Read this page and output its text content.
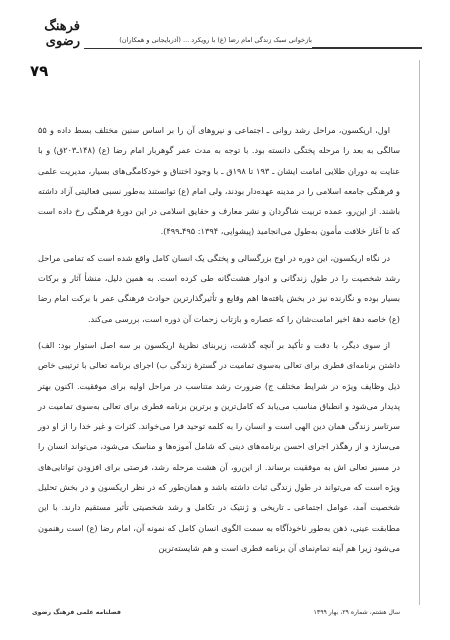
فرهنگ رضوی	بازخوانی سبک زندگی امام رضا (ع) با رویکرد ... (اَذربایجانی و همکاران)
۷۹

اول، اریکسون، مراحل رشد روانی ـ اجتماعی و نیروهای آن را بر اساس سنین مختلف بسط داده و ۵۵ سالگی به بعد را مرحله پختگی دانسته بود. با توجه به مدت عمر گوهربار امام رضا (ع) (۱۴۸ـ۲۰۳ق) و با عنایت به دوران طلایی امامت ایشان ـ ۱۹۳ تا ۱۹۸ق ـ با وجود اختناق و خودکامگی‌های بسیار، مدیریت علمی و فرهنگی جامعه اسلامی را در مدینه عهده‌دار بودند، ولی امام (ع) توانستند به‌طور نسبی فعالیتی آزاد داشته باشند. از این‌رو، عمده تربیت شاگردان و نشر معارف و حقایق اسلامی در این دورۀ فرهنگی رخ داده است که تا آغاز خلافت مأمون به‌طول می‌انجامید (پیشوایی، ۱۳۹۴: ۴۹۵ـ۴۹۹).

در نگاه اریکسون، این دوره در اوج بزرگسالی و پختگی یک انسان کامل واقع شده است که تمامی مراحل رشد شخصیت را در طول زندگانی و ادوار هشت‌گانه طی کرده است. به همین دلیل، منشأ آثار و برکات بسیار بوده و نگارنده نیز در بخش یافته‌ها اهم وقایع و تأثیرگذارترین حوادث فرهنگی عمر با برکت امام رضا (ع) خاصه دهۀ اخیر امامت‌شان را که عصاره و بازتاب زحمات آن دوره است، بررسی می‌کند.

از سوی دیگر، با دقت و تأکید بر آنچه گذشت، زیربنای نظریۀ اریکسون بر سه اصل استوار بود: الف) داشتن برنامه‌ای فطری برای تعالی به‌سوی تمامیت در گسترۀ زندگی ب) اجرای برنامه تعالی با ترتیبی خاص ذیل وظایف ویژه در شرایط مختلف ج) ضرورت رشد متناسب در مراحل اولیه برای موفقیت. اکنون بهتر پدیدار می‌شود و انطباق مناسب می‌یابد که کامل‌ترین و برترین برنامه فطری برای تعالی به‌سوی تمامیت در سرتاسر زندگی همان دین الهی است و انسان را به کلمه توحید فرا می‌خواند. کثرات و غیر خدا را از او دور می‌سازد و از رهگذر اجرای احسن برنامه‌های دینی که شامل آموزه‌ها و مناسک می‌شود، می‌تواند انسان را در مسیر تعالی اش به موفقیت برساند. از این‌رو، آن هشت مرحله رشد، فرصتی برای افزودن توانایی‌های ویژه است که می‌تواند در طول زندگی ثبات داشته باشد و همان‌طور که در نظر اریکسون و در بخش تحلیل شخصیت آمد، عوامل اجتماعی ـ تاریخی و ژنتیک در تکامل و رشد شخصیتی تأثیر مستقیم دارند. با این مطابقت عینی، ذهن به‌طور ناخودآگاه به سمت الگوی انسان کامل که نمونه آن، امام رضا (ع) است رهنمون می‌شود زیرا هم آینه تمام‌نمای آن برنامه فطری است و هم شایسته‌ترین

سال هشتم، شماره ۲۹، بهار ۱۳۹۹
فصلنامه علمی فرهنگ رضوی
